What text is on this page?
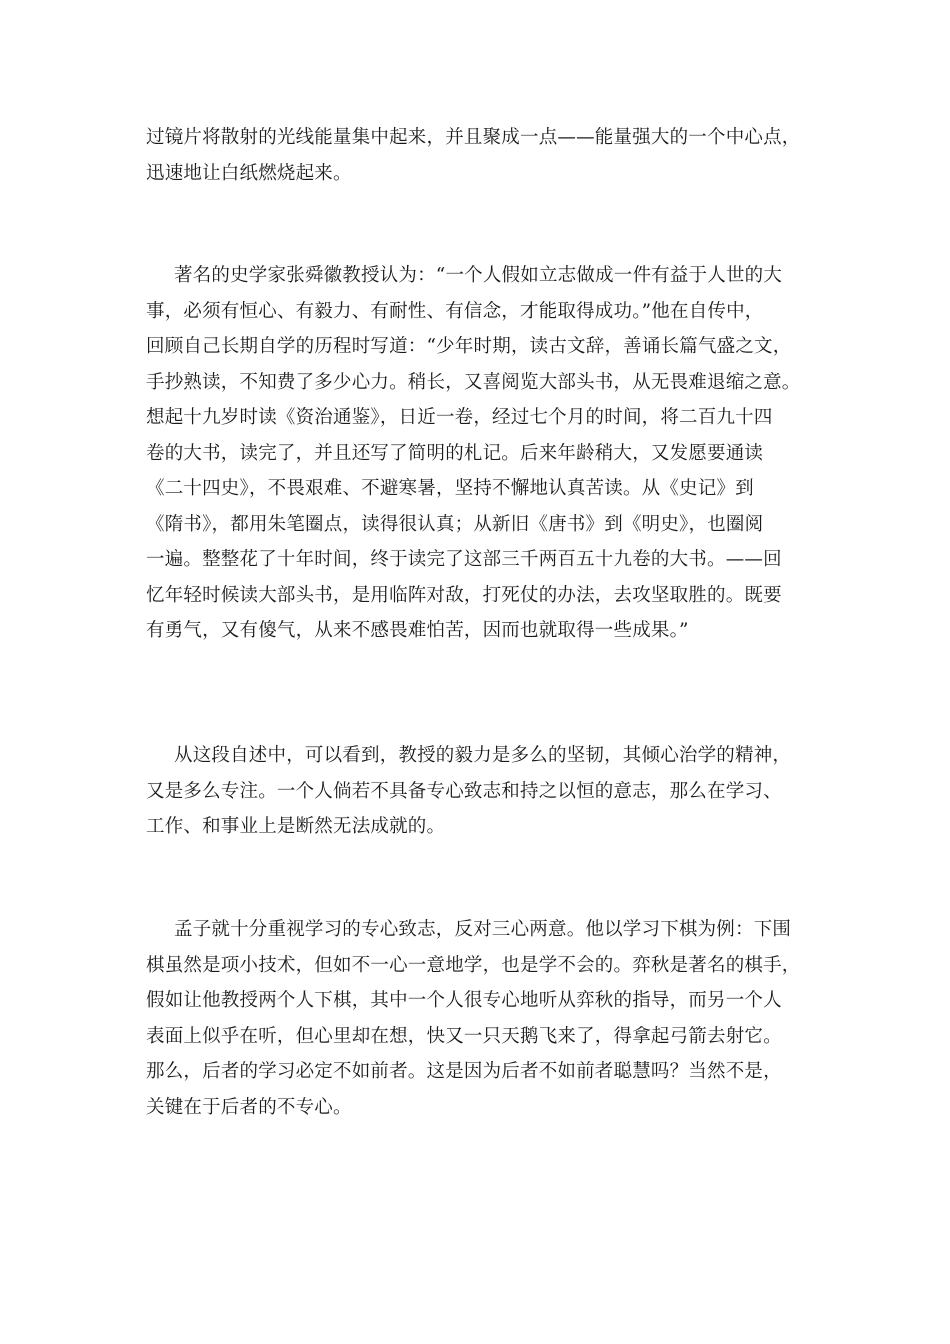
过镜片将散射的光线能量集中起来，并且聚成一点——能量强大的一个中心点，
迅速地让白纸燃烧起来。
著名的史学家张舜徽教授认为：“一个人假如立志做成一件有益于人世的大
事，必须有恒心、有毅力、有耐性、有信念，才能取得成功。”他在自传中，
回顾自己长期自学的历程时写道：“少年时期，读古文辞，善诵长篇气盛之文，
手抄熟读，不知费了多少心力。稍长，又喜阅览大部头书，从无畏难退缩之意。
想起十九岁时读《资治通鉴》，日近一卷，经过七个月的时间，将二百九十四
卷的大书，读完了，并且还写了简明的札记。后来年龄稍大，又发愿要通读
《二十四史》，不畏艰难、不避寒暑，坚持不懈地认真苦读。从《史记》到
《隋书》，都用朱笔圈点，读得很认真；从新旧《唐书》到《明史》，也圈阅
一遍。整整花了十年时间，终于读完了这部三千两百五十九卷的大书。——回
忆年轻时候读大部头书，是用临阵对敌，打死仗的办法，去攻坚取胜的。既要
有勇气，又有傻气，从来不感畏难怕苦，因而也就取得一些成果。”
从这段自述中，可以看到，教授的毅力是多么的坚韧，其倾心治学的精神，
又是多么专注。一个人倘若不具备专心致志和持之以恒的意志，那么在学习、
工作、和事业上是断然无法成就的。
孟子就十分重视学习的专心致志，反对三心两意。他以学习下棋为例：下围
棋虽然是项小技术，但如不一心一意地学，也是学不会的。弈秋是著名的棋手，
假如让他教授两个人下棋，其中一个人很专心地听从弈秋的指导，而另一个人
表面上似乎在听，但心里却在想，快又一只天鹅飞来了，得拿起弓箭去射它。
那么，后者的学习必定不如前者。这是因为后者不如前者聪慧吗？当然不是，
关键在于后者的不专心。
